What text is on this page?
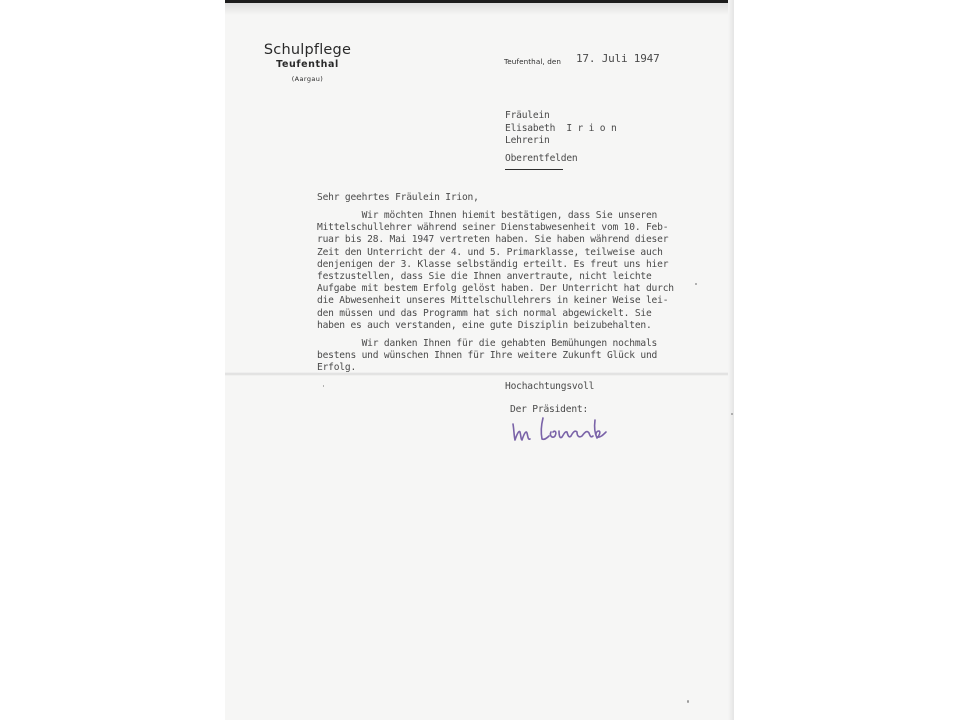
Schulpflege
Teufenthal
(Aargau)
Teufenthal, den 17. Juli 1947
Fräulein
Elisabeth  I r i o n
Lehrerin
Oberentfelden
Sehr geehrtes Fräulein Irion,
Wir möchten Ihnen hiemit bestätigen, dass Sie unseren
Mittelschullehrer während seiner Dienstabwesenheit vom 10. Feb-
ruar bis 28. Mai 1947 vertreten haben. Sie haben während dieser
Zeit den Unterricht der 4. und 5. Primarklasse, teilweise auch
denjenigen der 3. Klasse selbständig erteilt. Es freut uns hier
festzustellen, dass Sie die Ihnen anvertraute, nicht leichte
Aufgabe mit bestem Erfolg gelöst haben. Der Unterricht hat durch
die Abwesenheit unseres Mittelschullehrers in keiner Weise lei-
den müssen und das Programm hat sich normal abgewickelt. Sie
haben es auch verstanden, eine gute Disziplin beizubehalten.
Wir danken Ihnen für die gehabten Bemühungen nochmals
bestens und wünschen Ihnen für Ihre weitere Zukunft Glück und
Erfolg.
Hochachtungsvoll
Der Präsident:
